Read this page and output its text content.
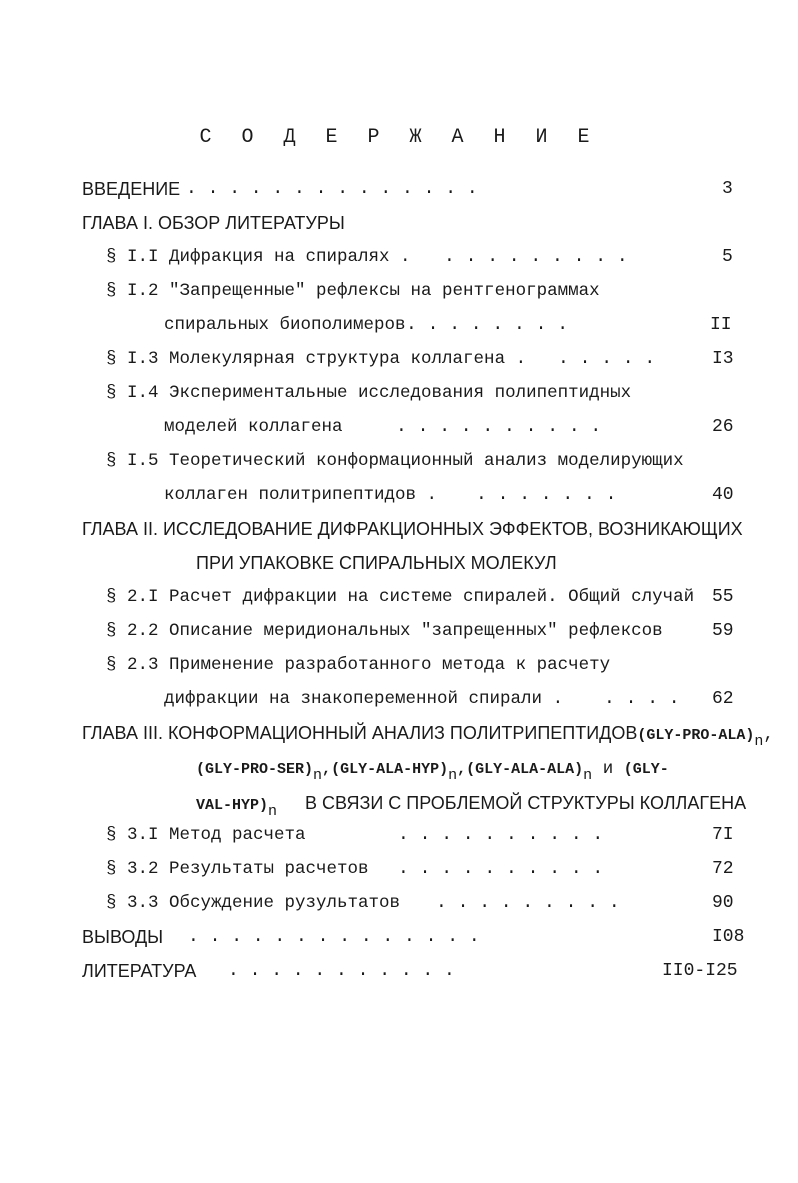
С О Д Е Р Ж А Н И Е
ВВЕДЕНИЕ . . . . . . . . . . . . . .	3
ГЛАВА I. ОБЗОР ЛИТЕРАТУРЫ
§ I.I Дифракция на спиралях . . . . . . . . . .	5
§ I.2 "Запрещенные" рефлексы на рентгенограммах
спиральных биополимеров . . . . . . . .	II
§ I.3 Молекулярная структура коллагена . . . . . .	I3
§ I.4 Экспериментальные исследования полипептидных
моделей коллагена	. . . . . . . . . .	26
§ I.5 Теоретический конформационный анализ моделирующих
коллаген политрипептидов . . . . . . . .	40
ГЛАВА II. ИССЛЕДОВАНИЕ ДИФРАКЦИОННЫХ ЭФФЕКТОВ, ВОЗНИКАЮЩИХ
ПРИ УПАКОВКЕ СПИРАЛЬНЫХ МОЛЕКУЛ
§ 2.I Расчет дифракции на системе спиралей. Общий случай 55
§ 2.2 Описание меридиональных "запрещенных" рефлексов	59
§ 2.3 Применение разработанного метода к расчету
дифракции на знакопеременной спирали . . . . . 62
ГЛАВА III. КОНФОРМАЦИОННЫЙ АНАЛИЗ $ПОЛИТРИПЕПТИДОВ(GLY-PRO-ALA)_n$,
$(GLY-PRO-SER)_n,(GLY-ALA-HYP)_n,(GLY-ALA-ALA)_n$ и (GLY-
VAL-$HYP)_n$ В СВЯЗИ С ПРОБЛЕМОЙ СТРУКТУРЫ КОЛЛАГЕНА
§ 3.I Метод расчета	. . . . . . . . . .	7I
§ 3.2 Результаты расчетов . . . . . . . . . .	72
§ 3.3 Обсуждение рузультатов . . . . . . . . .	90
ВЫВОДЫ . . . . . . . . . . . . . .	I08
ЛИТЕРАТУРА . . . . . . . . . . .	II0-I25
